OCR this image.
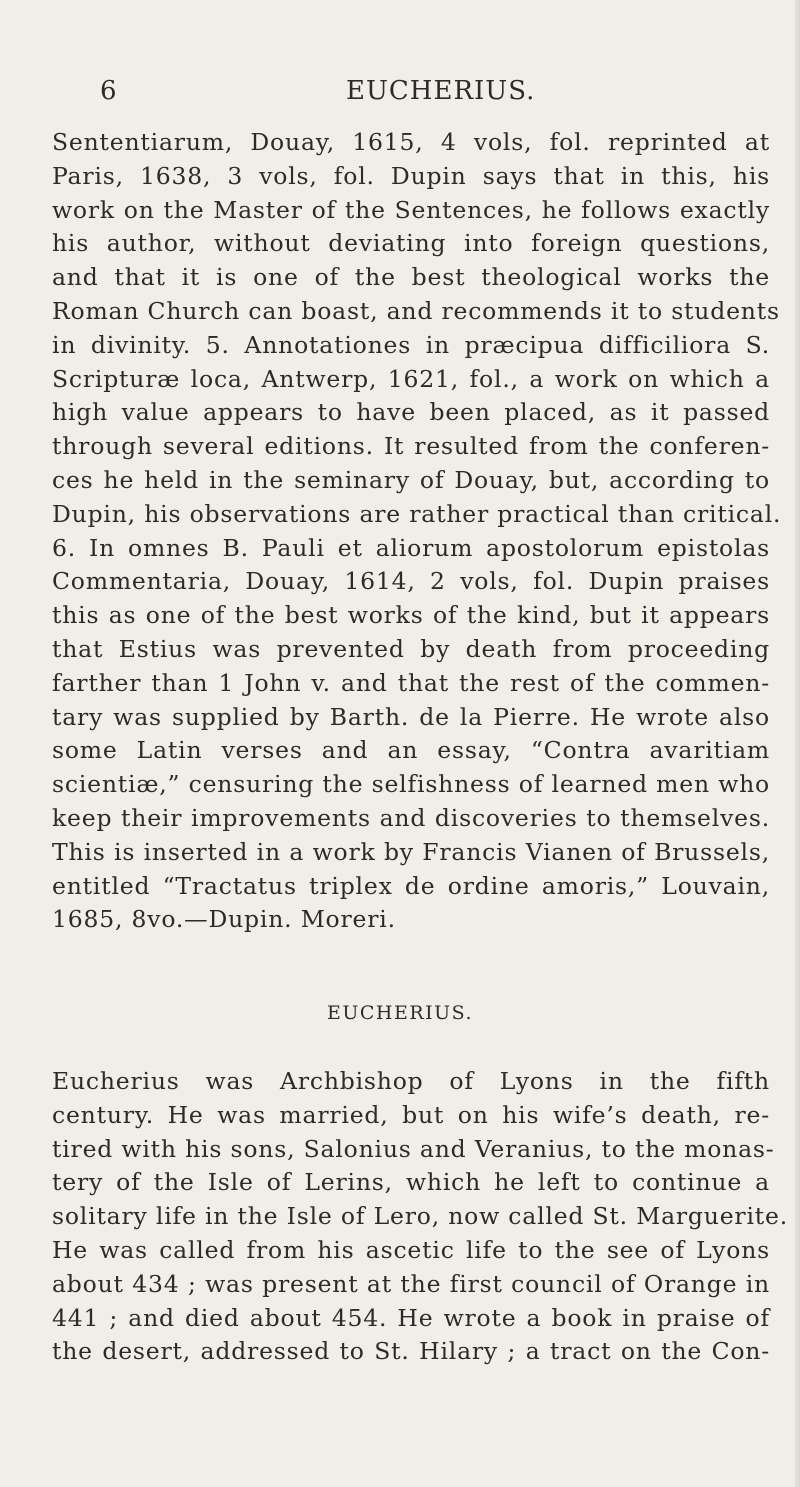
6	EUCHERIUS.
Sententiarum, Douay, 1615, 4 vols, fol. reprinted at
Paris, 1638, 3 vols, fol. Dupin says that in this, his
work on the Master of the Sentences, he follows exactly
his author, without deviating into foreign questions,
and that it is one of the best theological works the
Roman Church can boast, and recommends it to students
in divinity. 5. Annotationes in præcipua difficiliora S.
Scripturæ loca, Antwerp, 1621, fol., a work on which a
high value appears to have been placed, as it passed
through several editions. It resulted from the conferen-
ces he held in the seminary of Douay, but, according to
Dupin, his observations are rather practical than critical.
6. In omnes B. Pauli et aliorum apostolorum epistolas
Commentaria, Douay, 1614, 2 vols, fol. Dupin praises
this as one of the best works of the kind, but it appears
that Estius was prevented by death from proceeding
farther than 1 John v. and that the rest of the commen-
tary was supplied by Barth. de la Pierre. He wrote also
some Latin verses and an essay, “Contra avaritiam
scientiæ,” censuring the selfishness of learned men who
keep their improvements and discoveries to themselves.
This is inserted in a work by Francis Vianen of Brussels,
entitled “Tractatus triplex de ordine amoris,” Louvain,
1685, 8vo.—Dupin. Moreri.
EUCHERIUS.
Eucherius was Archbishop of Lyons in the fifth
century. He was married, but on his wife’s death, re-
tired with his sons, Salonius and Veranius, to the monas-
tery of the Isle of Lerins, which he left to continue a
solitary life in the Isle of Lero, now called St. Marguerite.
He was called from his ascetic life to the see of Lyons
about 434 ; was present at the first council of Orange in
441 ; and died about 454. He wrote a book in praise of
the desert, addressed to St. Hilary ; a tract on the Con-
